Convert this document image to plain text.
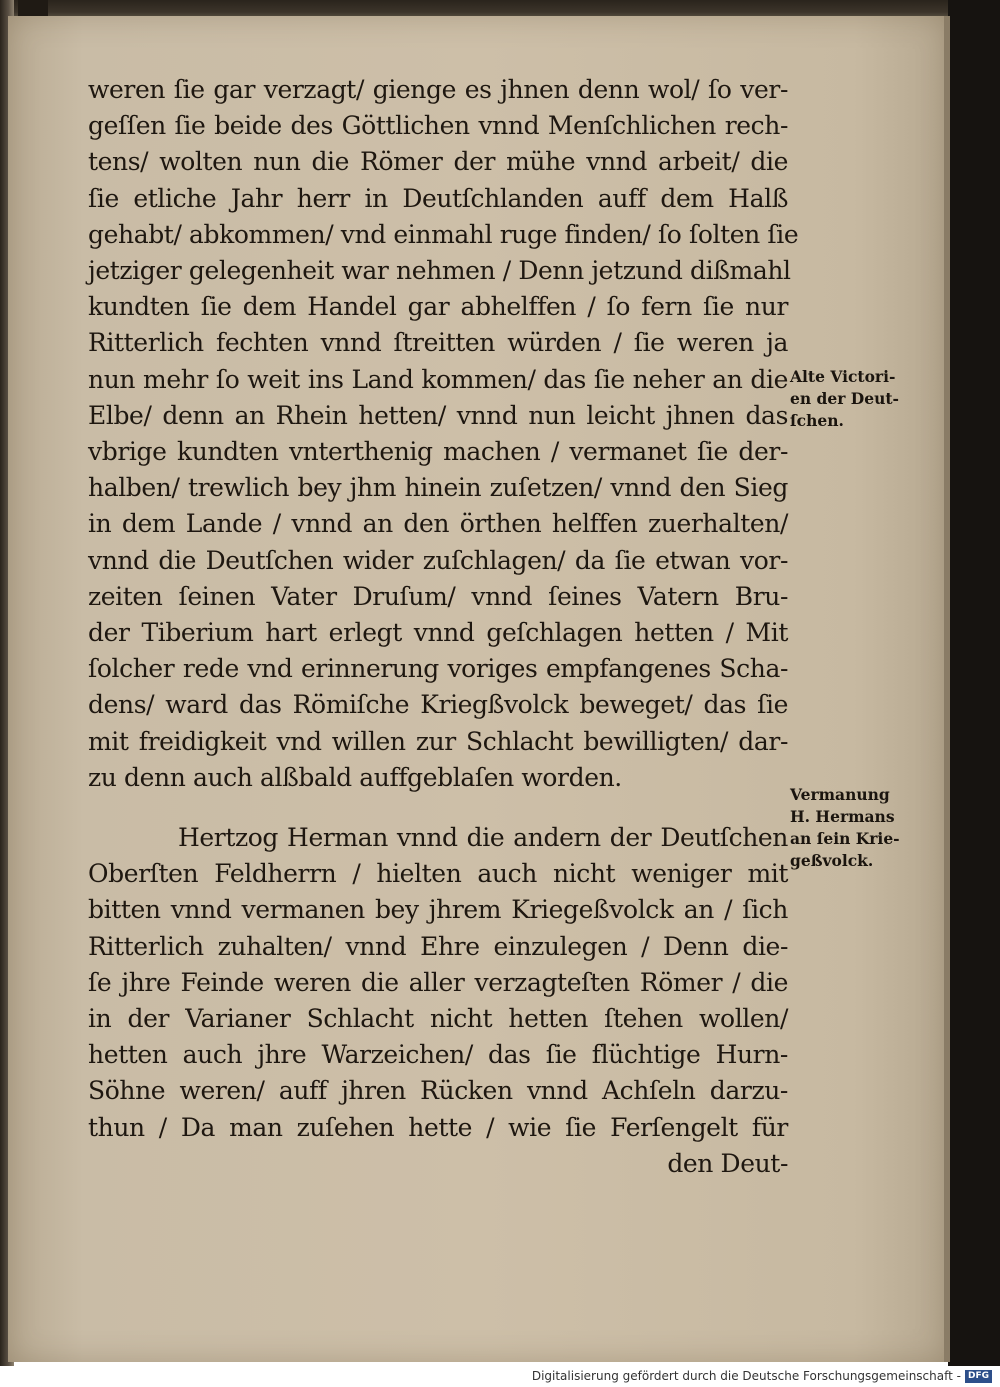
weren ſie gar verzagt/ gienge es jhnen denn wol/ ſo ver-
geſſen ſie beide des Göttlichen vnnd Menſchlichen rech-
tens/ wolten nun die Römer der mühe vnnd arbeit/ die
ſie etliche Jahr herr in Deutſchlanden auff dem Halß
gehabt/ abkommen/ vnd einmahl ruge finden/ ſo ſolten ſie
jetziger gelegenheit war nehmen / Denn jetzund dißmahl
kundten ſie dem Handel gar abhelffen / ſo fern ſie nur
Ritterlich fechten vnnd ſtreitten würden / ſie weren ja
nun mehr ſo weit ins Land kommen/ das ſie neher an die
Elbe/ denn an Rhein hetten/ vnnd nun leicht jhnen das
vbrige kundten vnterthenig machen / vermanet ſie der-
halben/ trewlich bey jhm hinein zuſetzen/ vnnd den Sieg
in dem Lande / vnnd an den örthen helffen zuerhalten/
vnnd die Deutſchen wider zuſchlagen/ da ſie etwan vor-
zeiten ſeinen Vater Druſum/ vnnd ſeines Vatern Bru-
der Tiberium hart erlegt vnnd geſchlagen hetten / Mit
ſolcher rede vnd erinnerung voriges empfangenes Scha-
dens/ ward das Römiſche Kriegßvolck beweget/ das ſie
mit freidigkeit vnd willen zur Schlacht bewilligten/ dar-
zu denn auch alßbald auffgeblaſen worden.
Hertzog Herman vnnd die andern der Deutſchen
Oberſten Feldherrn / hielten auch nicht weniger mit
bitten vnnd vermanen bey jhrem Kriegeßvolck an / ſich
Ritterlich zuhalten/ vnnd Ehre einzulegen / Denn die-
ſe jhre Feinde weren die aller verzagteſten Römer / die
in der Varianer Schlacht nicht hetten ſtehen wollen/
hetten auch jhre Warzeichen/ das ſie flüchtige Hurn-
Söhne weren/ auff jhren Rücken vnnd Achſeln darzu-
thun / Da man zuſehen hette / wie ſie Ferſengelt für
den Deut-
Alte Victori-
en der Deut-
ſchen.
Vermanung
H. Hermans
an ſein Krie-
geßvolck.
Digitalisierung gefördert durch die Deutsche Forschungsgemeinschaft - DFG
